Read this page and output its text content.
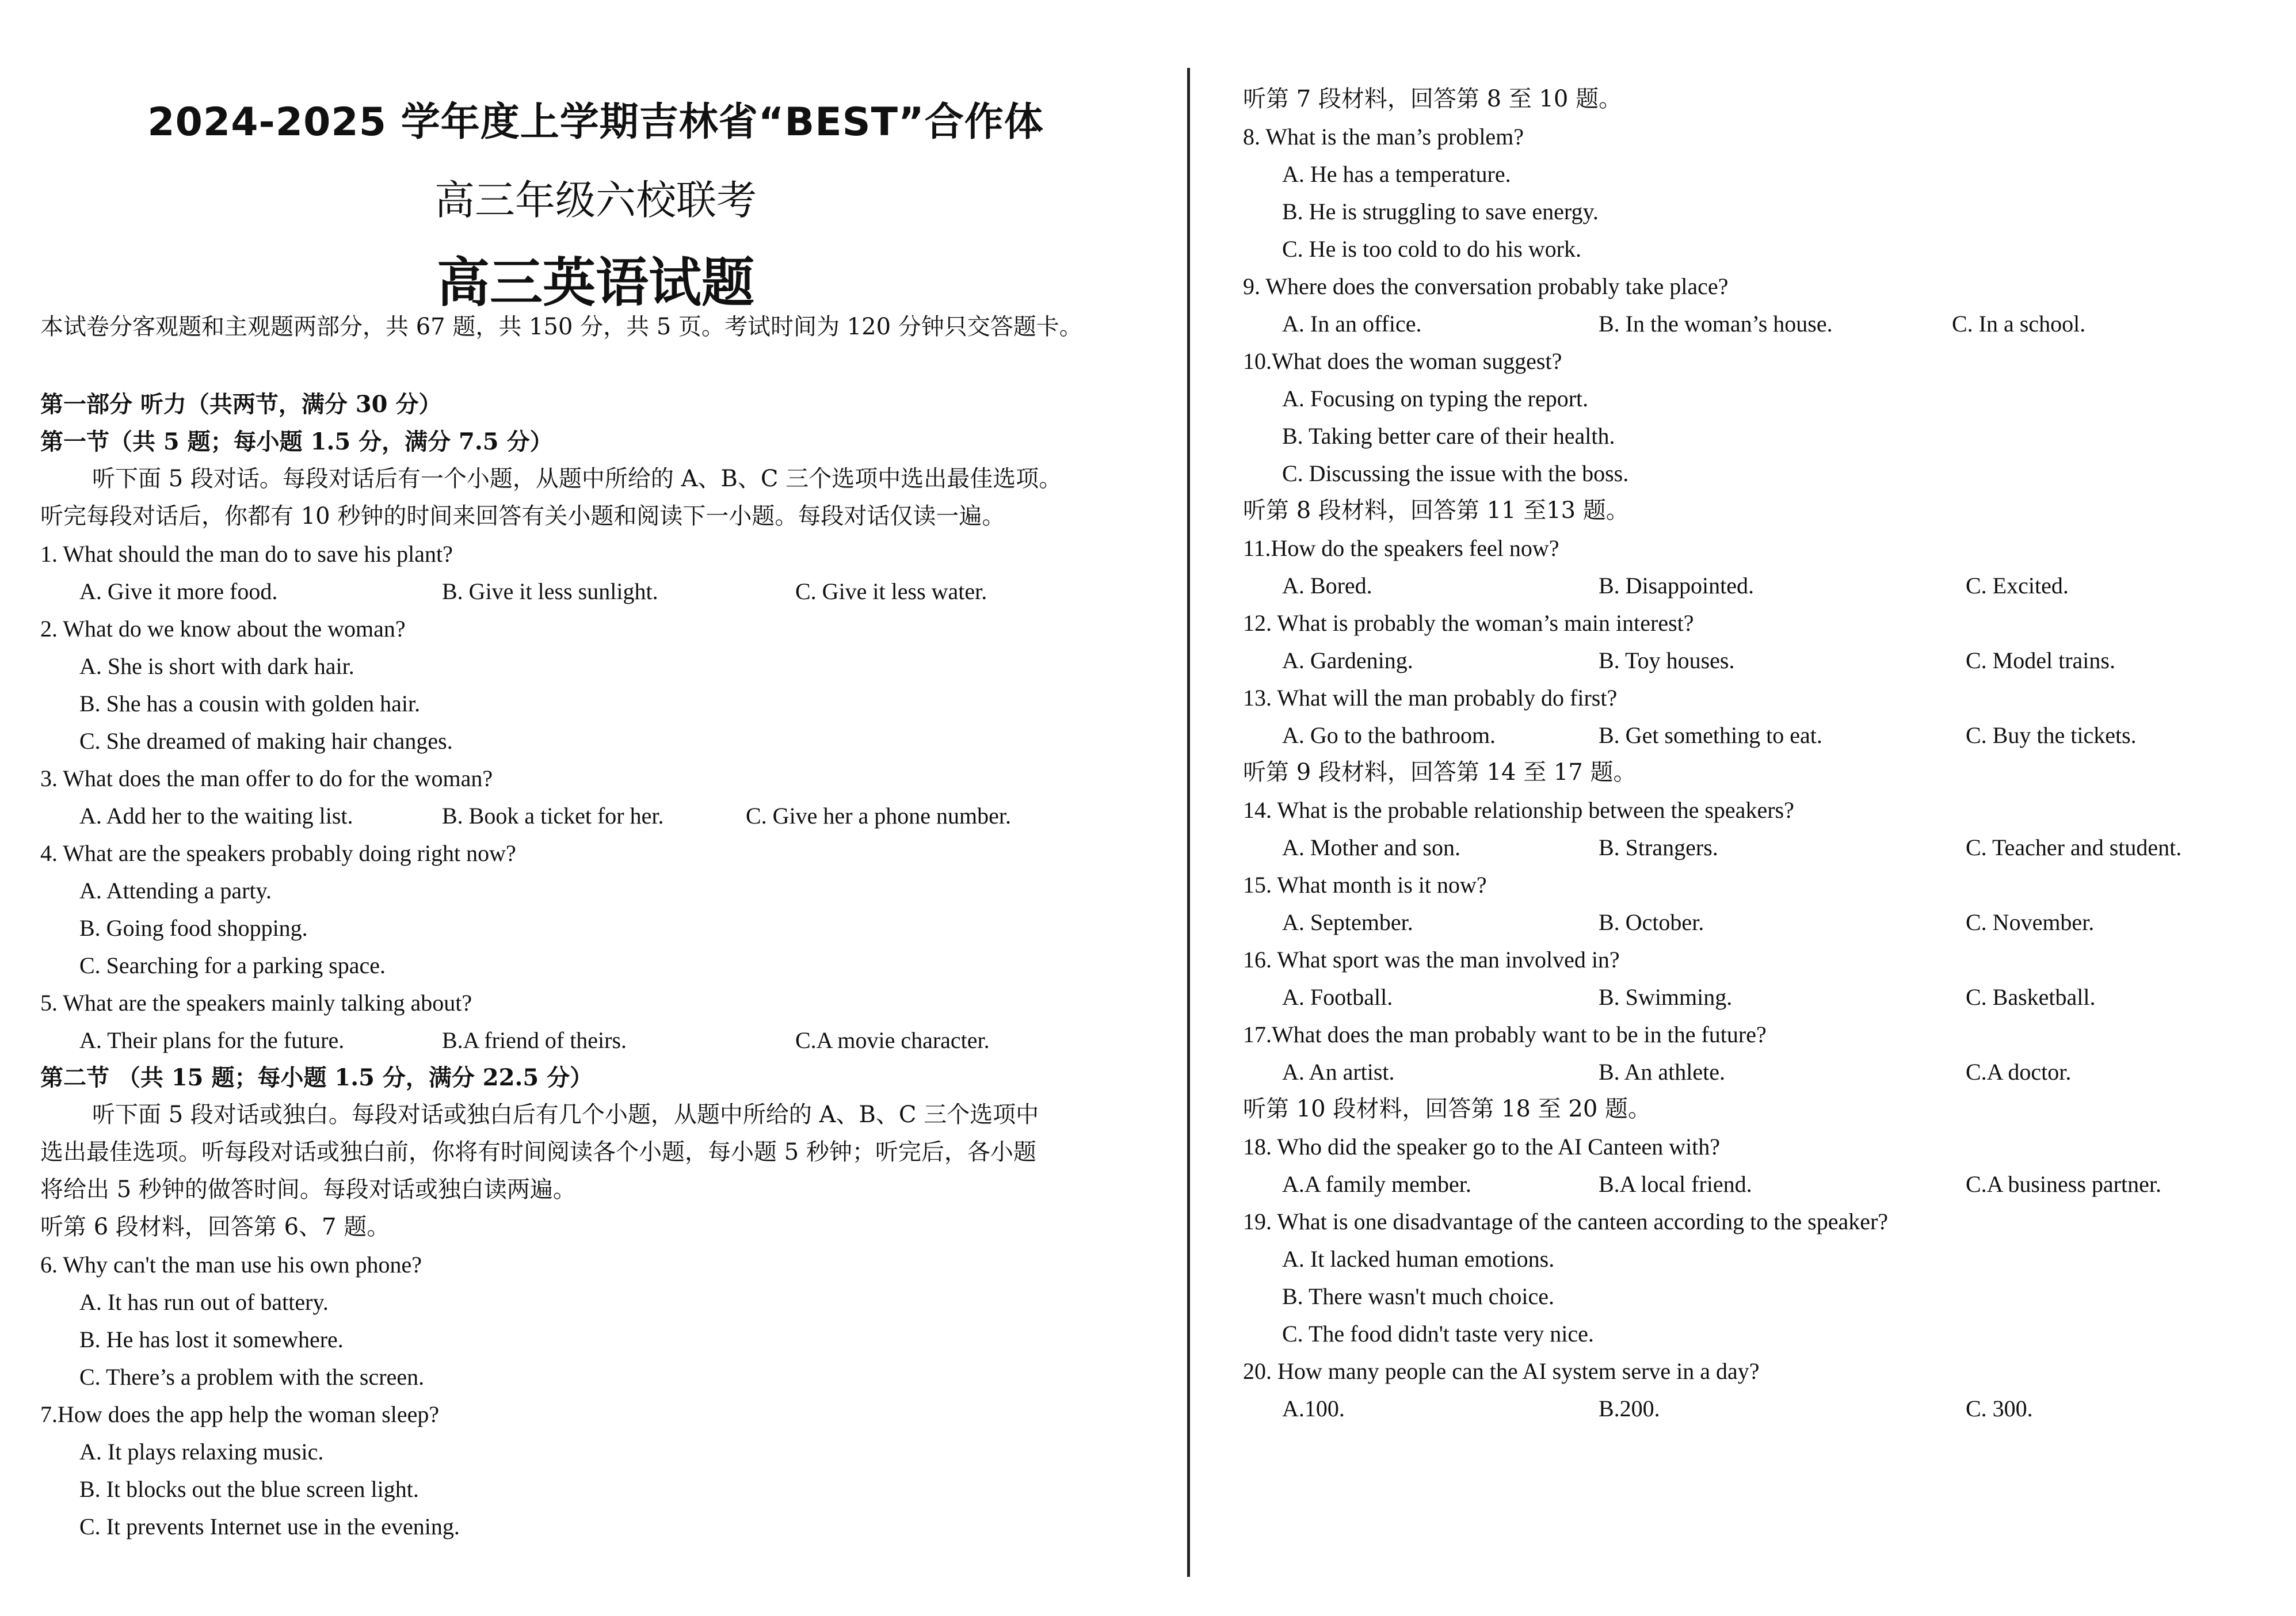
2024-2025 学年度上学期吉林省“BEST”合作体
高三年级六校联考
高三英语试题
本试卷分客观题和主观题两部分，共 67 题，共 150 分，共 5 页。考试时间为 120 分钟只交答题卡。
第一部分 听力（共两节，满分 30 分）
第一节（共 5 题；每小题 1.5 分，满分 7.5 分）
听下面 5 段对话。每段对话后有一个小题，从题中所给的 A、B、C 三个选项中选出最佳选项。
听完每段对话后，你都有 10 秒钟的时间来回答有关小题和阅读下一小题。每段对话仅读一遍。
1. What should the man do to save his plant?
A. Give it more food.	B. Give it less sunlight.	C. Give it less water.
2. What do we know about the woman?
A. She is short with dark hair.
B. She has a cousin with golden hair.
C. She dreamed of making hair changes.
3. What does the man offer to do for the woman?
A. Add her to the waiting list.	B. Book a ticket for her.	C. Give her a phone number.
4. What are the speakers probably doing right now?
A. Attending a party.
B. Going food shopping.
C. Searching for a parking space.
5. What are the speakers mainly talking about?
A. Their plans for the future.	B.A friend of theirs.	C.A movie character.
第二节 （共 15 题；每小题 1.5 分，满分 22.5 分）
听下面 5 段对话或独白。每段对话或独白后有几个小题，从题中所给的 A、B、C 三个选项中
选出最佳选项。听每段对话或独白前，你将有时间阅读各个小题，每小题 5 秒钟；听完后，各小题
将给出 5 秒钟的做答时间。每段对话或独白读两遍。
听第 6 段材料，回答第 6、7 题。
6. Why can't the man use his own phone?
A. It has run out of battery.
B. He has lost it somewhere.
C. There’s a problem with the screen.
7.How does the app help the woman sleep?
A. It plays relaxing music.
B. It blocks out the blue screen light.
C. It prevents Internet use in the evening.
听第 7 段材料，回答第 8 至 10 题。
8. What is the man’s problem?
A. He has a temperature.
B. He is struggling to save energy.
C. He is too cold to do his work.
9. Where does the conversation probably take place?
A. In an office.	B. In the woman’s house.	C. In a school.
10.What does the woman suggest?
A. Focusing on typing the report.
B. Taking better care of their health.
C. Discussing the issue with the boss.
听第 8 段材料，回答第 11 至13 题。
11.How do the speakers feel now?
A. Bored.	B. Disappointed.	C. Excited.
12. What is probably the woman’s main interest?
A. Gardening.	B. Toy houses.	C. Model trains.
13. What will the man probably do first?
A. Go to the bathroom.	B. Get something to eat.	C. Buy the tickets.
听第 9 段材料，回答第 14 至 17 题。
14. What is the probable relationship between the speakers?
A. Mother and son.	B. Strangers.	C. Teacher and student.
15. What month is it now?
A. September.	B. October.	C. November.
16. What sport was the man involved in?
A. Football.	B. Swimming.	C. Basketball.
17.What does the man probably want to be in the future?
A. An artist.	B. An athlete.	C.A doctor.
听第 10 段材料，回答第 18 至 20 题。
18. Who did the speaker go to the AI Canteen with?
A.A family member.	B.A local friend.	C.A business partner.
19. What is one disadvantage of the canteen according to the speaker?
A. It lacked human emotions.
B. There wasn't much choice.
C. The food didn't taste very nice.
20. How many people can the AI system serve in a day?
A.100.	B.200.	C. 300.
